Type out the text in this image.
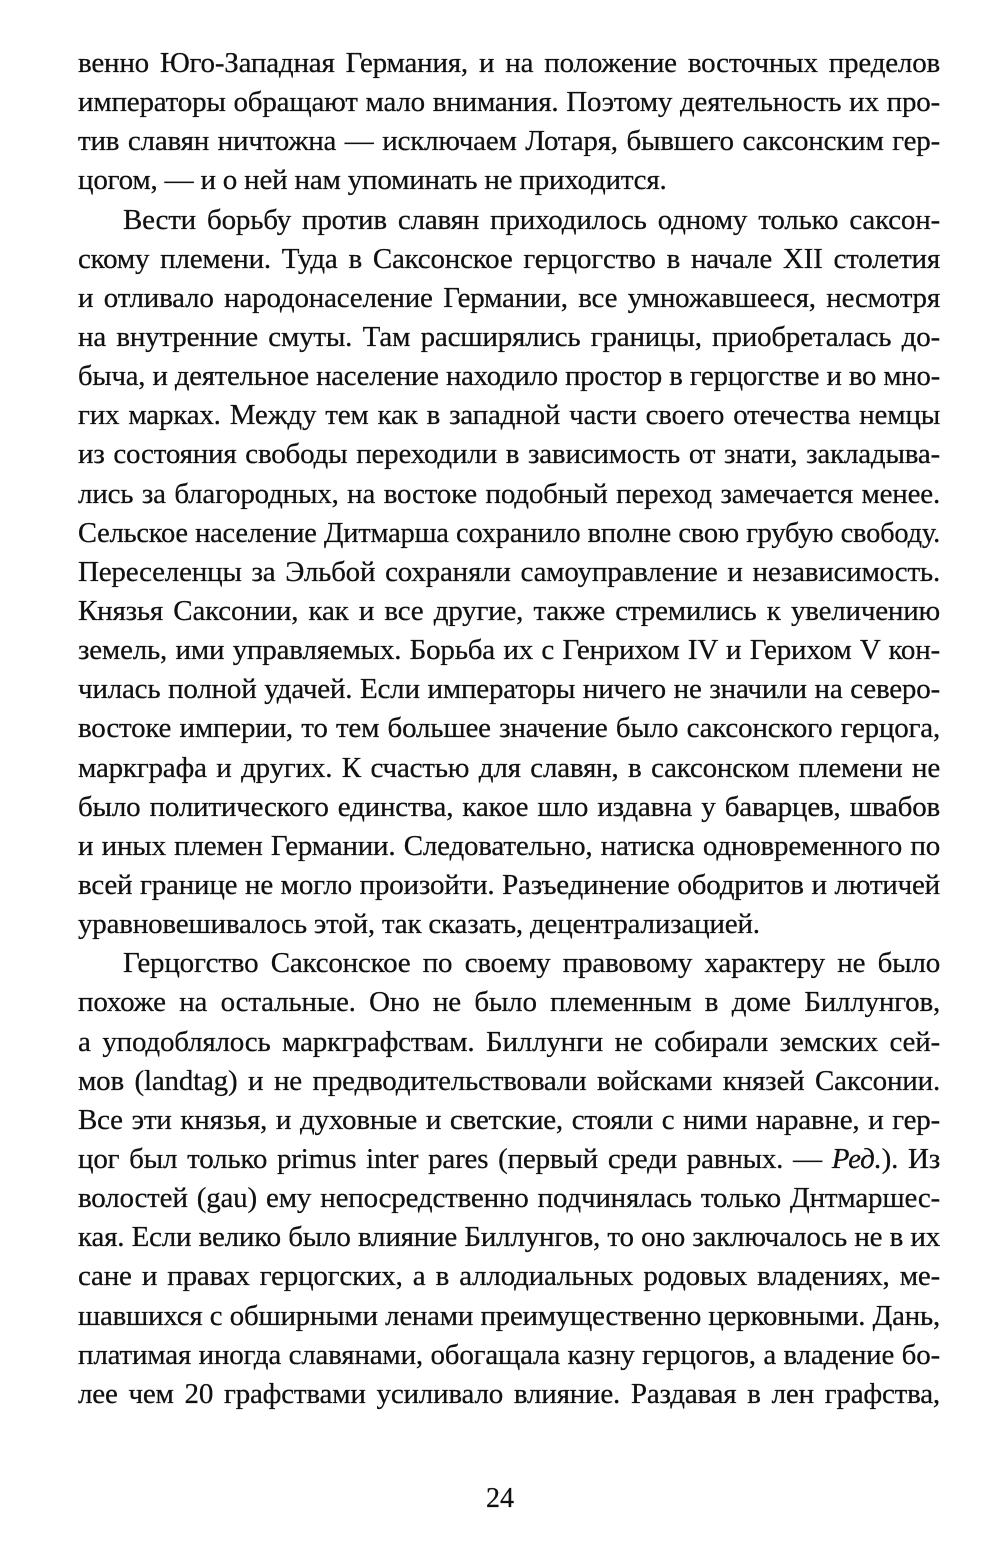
венно Юго-Западная Германия, и на положение восточных пределов
императоры обращают мало внимания. Поэтому деятельность их про-
тив славян ничтожна — исключаем Лотаря, бывшего саксонским гер-
цогом, — и о ней нам упоминать не приходится.
Вести борьбу против славян приходилось одному только саксон-
скому племени. Туда в Саксонское герцогство в начале XII столетия
и отливало народонаселение Германии, все умножавшееся, несмотря
на внутренние смуты. Там расширялись границы, приобреталась до-
быча, и деятельное население находило простор в герцогстве и во мно-
гих марках. Между тем как в западной части своего отечества немцы
из состояния свободы переходили в зависимость от знати, закладыва-
лись за благородных, на востоке подобный переход замечается менее.
Сельское население Дитмарша сохранило вполне свою грубую свободу.
Переселенцы за Эльбой сохраняли самоуправление и независимость.
Князья Саксонии, как и все другие, также стремились к увеличению
земель, ими управляемых. Борьба их с Генрихом IV и Герихом V кон-
чилась полной удачей. Если императоры ничего не значили на северо-
востоке империи, то тем большее значение было саксонского герцога,
маркграфа и других. К счастью для славян, в саксонском племени не
было политического единства, какое шло издавна у баварцев, швабов
и иных племен Германии. Следовательно, натиска одновременного по
всей границе не могло произойти. Разъединение ободритов и лютичей
уравновешивалось этой, так сказать, децентрализацией.
Герцогство Саксонское по своему правовому характеру не было
похоже на остальные. Оно не было племенным в доме Биллунгов,
а уподоблялось маркграфствам. Биллунги не собирали земских сей-
мов (landtag) и не предводительствовали войсками князей Саксонии.
Все эти князья, и духовные и светские, стояли с ними наравне, и гер-
цог был только primus inter pares (первый среди равных. — Ред.). Из
волостей (gau) ему непосредственно подчинялась только Днтмаршес-
кая. Если велико было влияние Биллунгов, то оно заключалось не в их
сане и правах герцогских, а в аллодиальных родовых владениях, ме-
шавшихся с обширными ленами преимущественно церковными. Дань,
платимая иногда славянами, обогащала казну герцогов, а владение бо-
лее чем 20 графствами усиливало влияние. Раздавая в лен графства,
24
